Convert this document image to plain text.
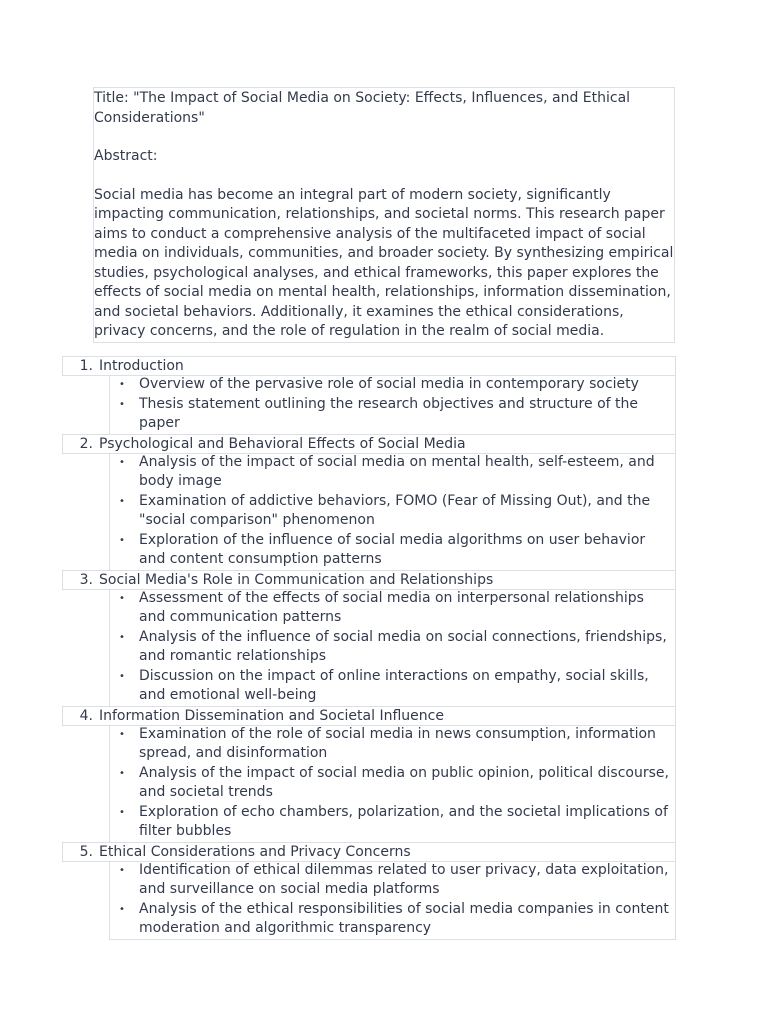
Title: "The Impact of Social Media on Society: Effects, Influences, and Ethical Considerations"

Abstract:

Social media has become an integral part of modern society, significantly impacting communication, relationships, and societal norms. This research paper aims to conduct a comprehensive analysis of the multifaceted impact of social media on individuals, communities, and broader society. By synthesizing empirical studies, psychological analyses, and ethical frameworks, this paper explores the effects of social media on mental health, relationships, information dissemination, and societal behaviors. Additionally, it examines the ethical considerations, privacy concerns, and the role of regulation in the realm of social media.

1. Introduction
• Overview of the pervasive role of social media in contemporary society
• Thesis statement outlining the research objectives and structure of the paper
2. Psychological and Behavioral Effects of Social Media
• Analysis of the impact of social media on mental health, self-esteem, and body image
• Examination of addictive behaviors, FOMO (Fear of Missing Out), and the "social comparison" phenomenon
• Exploration of the influence of social media algorithms on user behavior and content consumption patterns
3. Social Media's Role in Communication and Relationships
• Assessment of the effects of social media on interpersonal relationships and communication patterns
• Analysis of the influence of social media on social connections, friendships, and romantic relationships
• Discussion on the impact of online interactions on empathy, social skills, and emotional well-being
4. Information Dissemination and Societal Influence
• Examination of the role of social media in news consumption, information spread, and disinformation
• Analysis of the impact of social media on public opinion, political discourse, and societal trends
• Exploration of echo chambers, polarization, and the societal implications of filter bubbles
5. Ethical Considerations and Privacy Concerns
• Identification of ethical dilemmas related to user privacy, data exploitation, and surveillance on social media platforms
• Analysis of the ethical responsibilities of social media companies in content moderation and algorithmic transparency
